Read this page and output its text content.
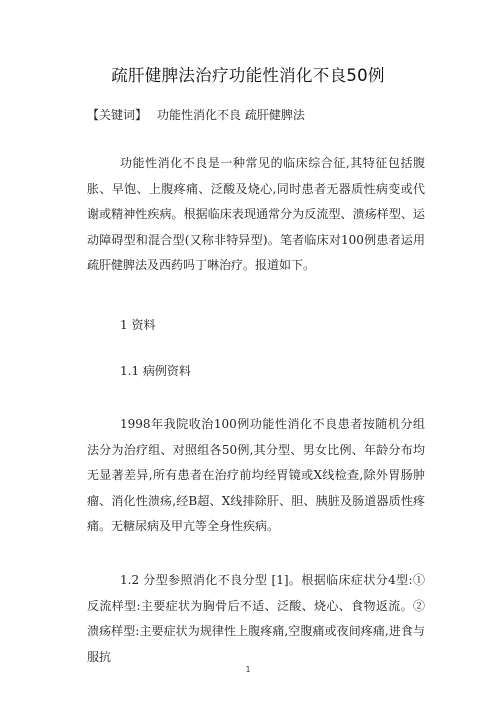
疏肝健脾法治疗功能性消化不良50例
【关键词】 功能性消化不良 疏肝健脾法

功能性消化不良是一种常见的临床综合征,其特征包括腹胀、早饱、上腹疼痛、泛酸及烧心,同时患者无器质性病变或代谢或精神性疾病。根据临床表现通常分为反流型、溃疡样型、运动障碍型和混合型(又称非特异型)。笔者临床对100例患者运用疏肝健脾法及西药吗丁啉治疗。报道如下。

1 资料

1.1 病例资料

1998年我院收治100例功能性消化不良患者按随机分组法分为治疗组、对照组各50例,其分型、男女比例、年龄分布均无显著差异,所有患者在治疗前均经胃镜或X线检查,除外胃肠肿瘤、消化性溃疡,经B超、X线排除肝、胆、胰脏及肠道器质性疼痛。无糖尿病及甲亢等全身性疾病。

1.2 分型参照消化不良分型 [1]。根据临床症状分4型:①反流样型:主要症状为胸骨后不适、泛酸、烧心、食物返流。②溃疡样型:主要症状为规律性上腹疼痛,空腹痛或夜间疼痛,进食与服抗

1
